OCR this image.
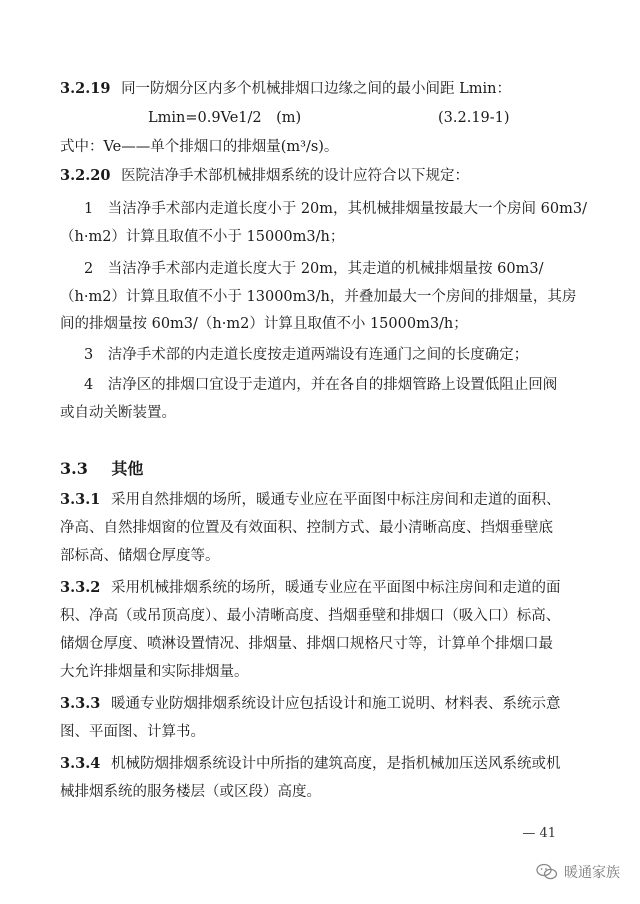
3.2.19 同一防烟分区内多个机械排烟口边缘之间的最小间距 Lmin：
Lmin=0.9Ve1/2　(m)	(3.2.19-1)
式中：Ve——单个排烟口的排烟量(m³/s)。
3.2.20 医院洁净手术部机械排烟系统的设计应符合以下规定：
1　当洁净手术部内走道长度小于 20m，其机械排烟量按最大一个房间 60m3/
（h·m2）计算且取值不小于 15000m3/h；
2　当洁净手术部内走道长度大于 20m，其走道的机械排烟量按 60m3/
（h·m2）计算且取值不小于 13000m3/h，并叠加最大一个房间的排烟量，其房
间的排烟量按 60m3/（h·m2）计算且取值不小 15000m3/h；
3　洁净手术部的内走道长度按走道两端设有连通门之间的长度确定；
4　洁净区的排烟口宜设于走道内，并在各自的排烟管路上设置低阻止回阀
或自动关断装置。
3.3 其他
3.3.1 采用自然排烟的场所，暖通专业应在平面图中标注房间和走道的面积、
净高、自然排烟窗的位置及有效面积、控制方式、最小清晰高度、挡烟垂壁底
部标高、储烟仓厚度等。
3.3.2 采用机械排烟系统的场所，暖通专业应在平面图中标注房间和走道的面
积、净高（或吊顶高度）、最小清晰高度、挡烟垂壁和排烟口（吸入口）标高、
储烟仓厚度、喷淋设置情况、排烟量、排烟口规格尺寸等，计算单个排烟口最
大允许排烟量和实际排烟量。
3.3.3 暖通专业防烟排烟系统设计应包括设计和施工说明、材料表、系统示意
图、平面图、计算书。
3.3.4 机械防烟排烟系统设计中所指的建筑高度，是指机械加压送风系统或机
械排烟系统的服务楼层（或区段）高度。
— 41
暖通家族
